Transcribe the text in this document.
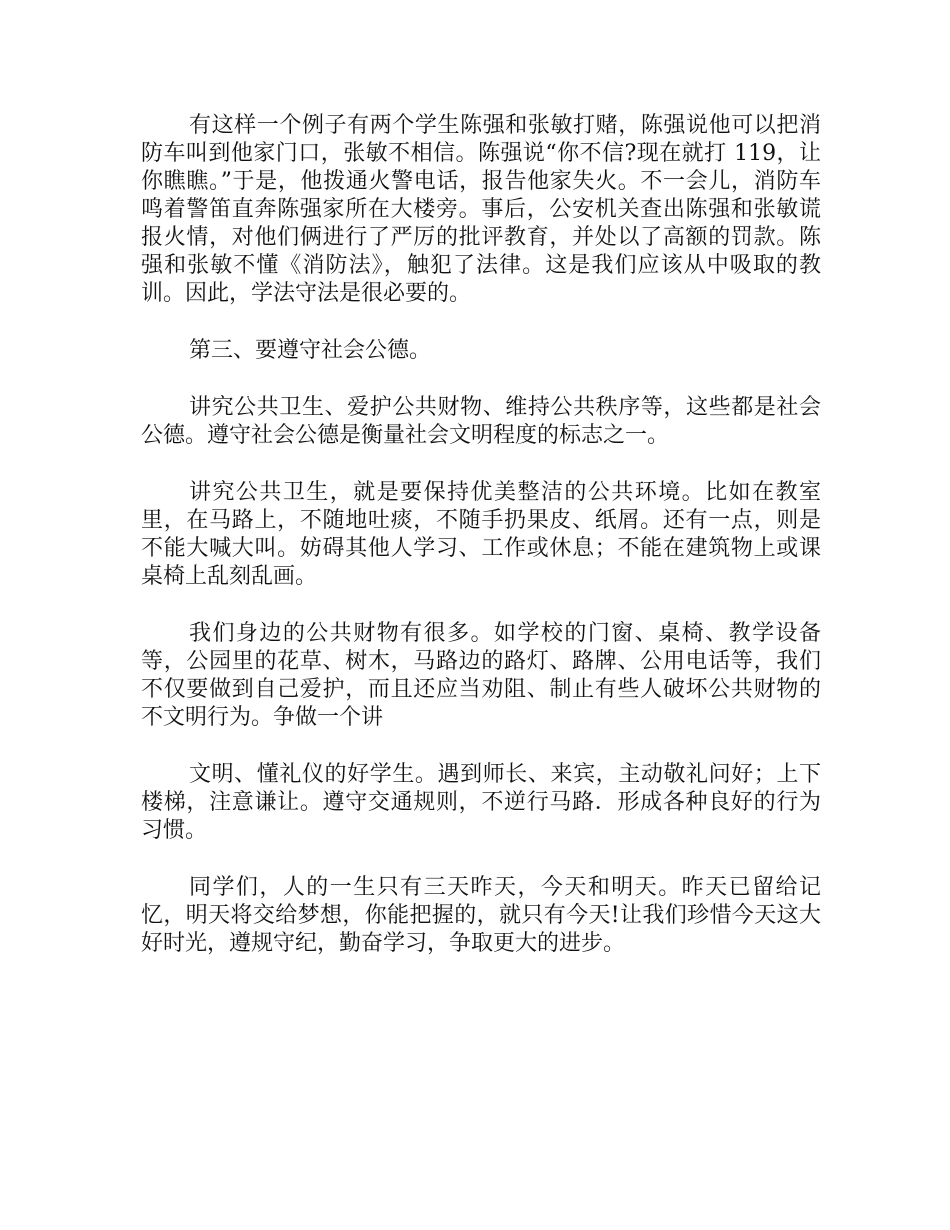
有这样一个例子有两个学生陈强和张敏打赌，陈强说他可以把消防车叫到他家门口，张敏不相信。陈强说“你不信?现在就打 119，让你瞧瞧。”于是，他拨通火警电话，报告他家失火。不一会儿，消防车鸣着警笛直奔陈强家所在大楼旁。事后，公安机关查出陈强和张敏谎报火情，对他们俩进行了严厉的批评教育，并处以了高额的罚款。陈强和张敏不懂《消防法》，触犯了法律。这是我们应该从中吸取的教训。因此，学法守法是很必要的。

第三、要遵守社会公德。

讲究公共卫生、爱护公共财物、维持公共秩序等，这些都是社会公德。遵守社会公德是衡量社会文明程度的标志之一。

讲究公共卫生，就是要保持优美整洁的公共环境。比如在教室里，在马路上，不随地吐痰，不随手扔果皮、纸屑。还有一点，则是不能大喊大叫。妨碍其他人学习、工作或休息；不能在建筑物上或课桌椅上乱刻乱画。

我们身边的公共财物有很多。如学校的门窗、桌椅、教学设备等，公园里的花草、树木，马路边的路灯、路牌、公用电话等，我们不仅要做到自己爱护，而且还应当劝阻、制止有些人破坏公共财物的不文明行为。争做一个讲

文明、懂礼仪的好学生。遇到师长、来宾，主动敬礼问好；上下楼梯，注意谦让。遵守交通规则，不逆行马路．形成各种良好的行为习惯。

同学们，人的一生只有三天昨天，今天和明天。昨天已留给记忆，明天将交给梦想，你能把握的，就只有今天!让我们珍惜今天这大好时光，遵规守纪，勤奋学习，争取更大的进步。
